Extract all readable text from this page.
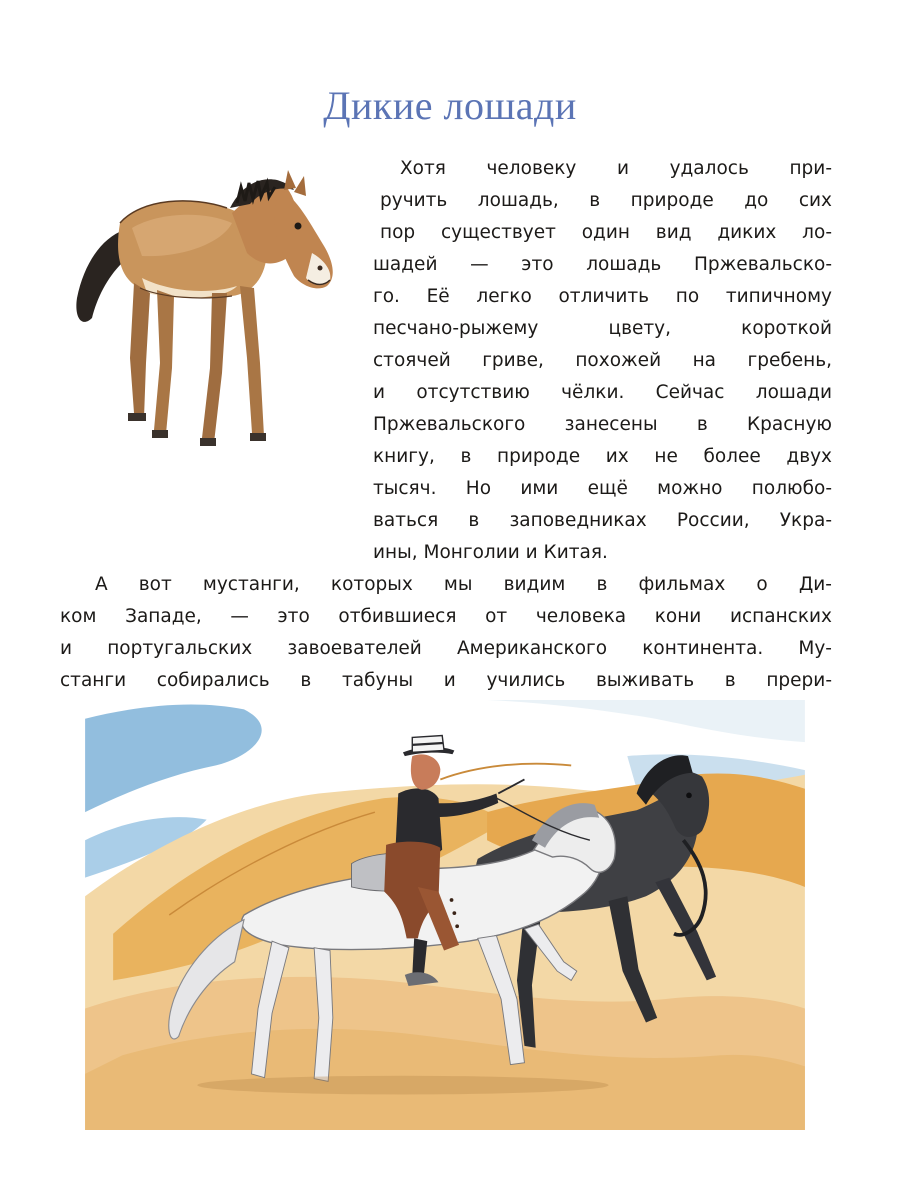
Дикие лошади
Хотя человеку и удалось при-
ручить лошадь, в природе до сих
пор существует один вид диких ло-
шадей — это лошадь Пржевальско-
го. Её легко отличить по типичному
песчано-рыжему цвету, короткой
стоячей гриве, похожей на гребень,
и отсутствию чёлки. Сейчас лошади
Пржевальского занесены в Красную
книгу, в природе их не более двух
тысяч. Но ими ещё можно полюбо-
ваться в заповедниках России, Укра-
ины, Монголии и Китая.
А вот мустанги, которых мы видим в фильмах о Ди-
ком Западе, — это отбившиеся от человека кони испанских
и португальских завоевателей Американского континента. Му-
станги собирались в табуны и учились выживать в прери-
